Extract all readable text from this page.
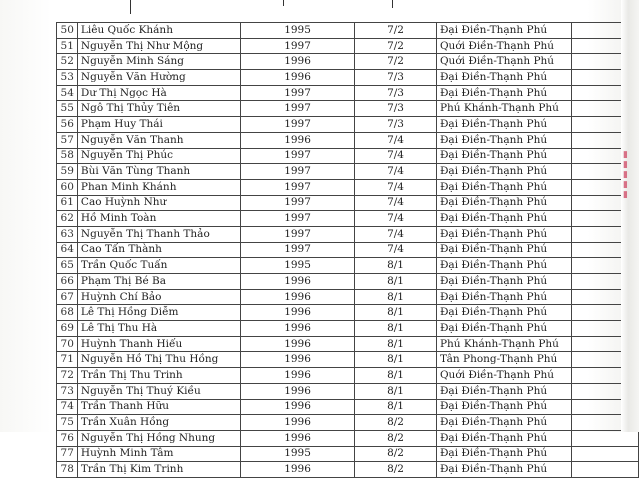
50	Liêu Quốc Khánh	1995	7/2	Đại Điền-Thạnh Phú	
51	Nguyễn Thị Như Mộng	1997	7/2	Quới Điền-Thạnh Phú	
52	Nguyễn Minh Sáng	1996	7/2	Quới Điền-Thạnh Phú	
53	Nguyễn Văn Hường	1996	7/3	Đại Điền-Thạnh Phú	
54	Dư Thị Ngọc Hà	1997	7/3	Đại Điền-Thạnh Phú	
55	Ngô Thị Thủy Tiên	1997	7/3	Phú Khánh-Thạnh Phú	
56	Phạm Huy Thái	1997	7/3	Đại Điền-Thạnh Phú	
57	Nguyễn Văn Thanh	1996	7/4	Đại Điền-Thạnh Phú	
58	Nguyễn Thị Phúc	1997	7/4	Đại Điền-Thạnh Phú	
59	Bùi Văn Tùng Thanh	1997	7/4	Đại Điền-Thạnh Phú	
60	Phan Minh Khánh	1997	7/4	Đại Điền-Thạnh Phú	
61	Cao Huỳnh Như	1997	7/4	Đại Điền-Thạnh Phú	
62	Hồ Minh Toàn	1997	7/4	Đại Điền-Thạnh Phú	
63	Nguyễn Thị Thanh Thảo	1997	7/4	Đại Điền-Thạnh Phú	
64	Cao Tấn Thành	1997	7/4	Đại Điền-Thạnh Phú	
65	Trần Quốc Tuấn	1995	8/1	Đại Điền-Thạnh Phú	
66	Phạm Thị Bé Ba	1996	8/1	Đại Điền-Thạnh Phú	
67	Huỳnh Chí Bảo	1996	8/1	Đại Điền-Thạnh Phú	
68	Lê Thị Hồng Diễm	1996	8/1	Đại Điền-Thạnh Phú	
69	Lê Thị Thu Hà	1996	8/1	Đại Điền-Thạnh Phú	
70	Huỳnh Thanh Hiếu	1996	8/1	Phú Khánh-Thạnh Phú	
71	Nguyễn Hồ Thị Thu Hồng	1996	8/1	Tân Phong-Thạnh Phú	
72	Trần Thị Thu Trinh	1996	8/1	Quới Điền-Thạnh Phú	
73	Nguyễn Thị Thuý Kiều	1996	8/1	Đại Điền-Thạnh Phú	
74	Trần Thanh Hữu	1996	8/1	Đại Điền-Thạnh Phú	
75	Trần Xuân Hồng	1996	8/2	Đại Điền-Thạnh Phú	
76	Nguyễn Thị Hồng Nhung	1996	8/2	Đại Điền-Thạnh Phú	
77	Huỳnh Minh Tâm	1995	8/2	Đại Điền-Thạnh Phú	
78	Trần Thị Kim Trinh	1996	8/2	Đại Điền-Thạnh Phú	
▮
▮
▮
▮
▮
